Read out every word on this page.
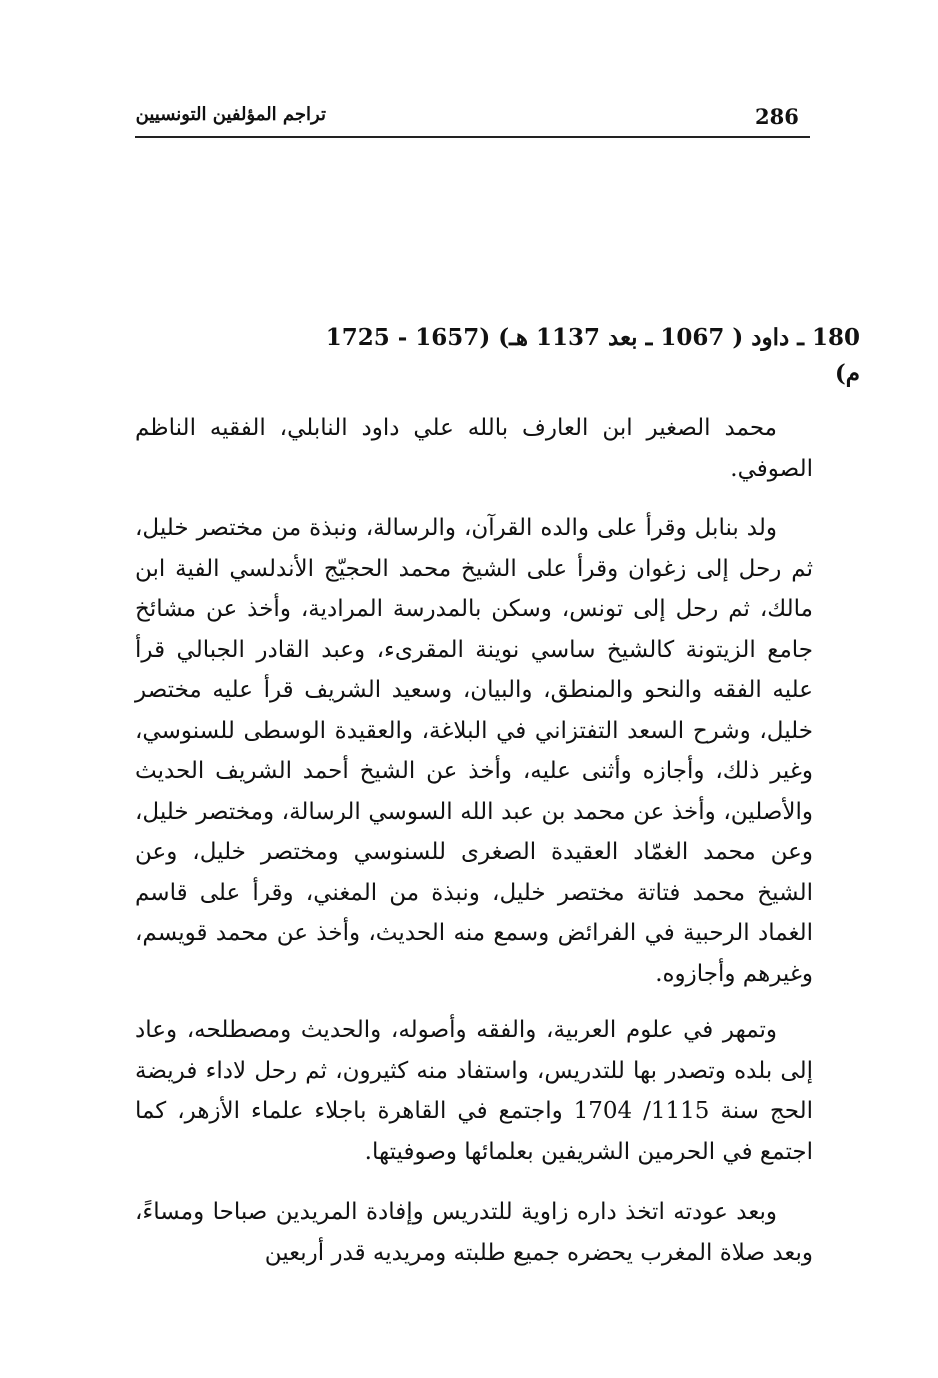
286
تراجم المؤلفين التونسيين
180 ـ داود ( 1067 ـ بعد 1137 هـ) (1657 - 1725 م)

محمد الصغير ابن العارف بالله علي داود النابلي، الفقيه الناظم الصوفي.

ولد بنابل وقرأ على والده القرآن، والرسالة، ونبذة من مختصر خليل، ثم رحل إلى زغوان وقرأ على الشيخ محمد الحجيّج الأندلسي الفية ابن مالك، ثم رحل إلى تونس، وسكن بالمدرسة المرادية، وأخذ عن مشائخ جامع الزيتونة كالشيخ ساسي نوينة المقرىء، وعبد القادر الجبالي قرأ عليه الفقه والنحو والمنطق، والبيان، وسعيد الشريف قرأ عليه مختصر خليل، وشرح السعد التفتزاني في البلاغة، والعقيدة الوسطى للسنوسي، وغير ذلك، وأجازه وأثنى عليه، وأخذ عن الشيخ أحمد الشريف الحديث والأصلين، وأخذ عن محمد بن عبد الله السوسي الرسالة، ومختصر خليل، وعن محمد الغمّاد العقيدة الصغرى للسنوسي ومختصر خليل، وعن الشيخ محمد فتاتة مختصر خليل، ونبذة من المغني، وقرأ على قاسم الغماد الرحبية في الفرائض وسمع منه الحديث، وأخذ عن محمد قويسم، وغيرهم وأجازوه.

وتمهر في علوم العربية، والفقه وأصوله، والحديث ومصطلحه، وعاد إلى بلده وتصدر بها للتدريس، واستفاد منه كثيرون، ثم رحل لاداء فريضة الحج سنة 1115/ 1704 واجتمع في القاهرة باجلاء علماء الأزهر، كما اجتمع في الحرمين الشريفين بعلمائها وصوفيتها.

وبعد عودته اتخذ داره زاوية للتدريس وإفادة المريدين صباحا ومساءً، وبعد صلاة المغرب يحضره جميع طلبته ومريديه قدر أربعين
